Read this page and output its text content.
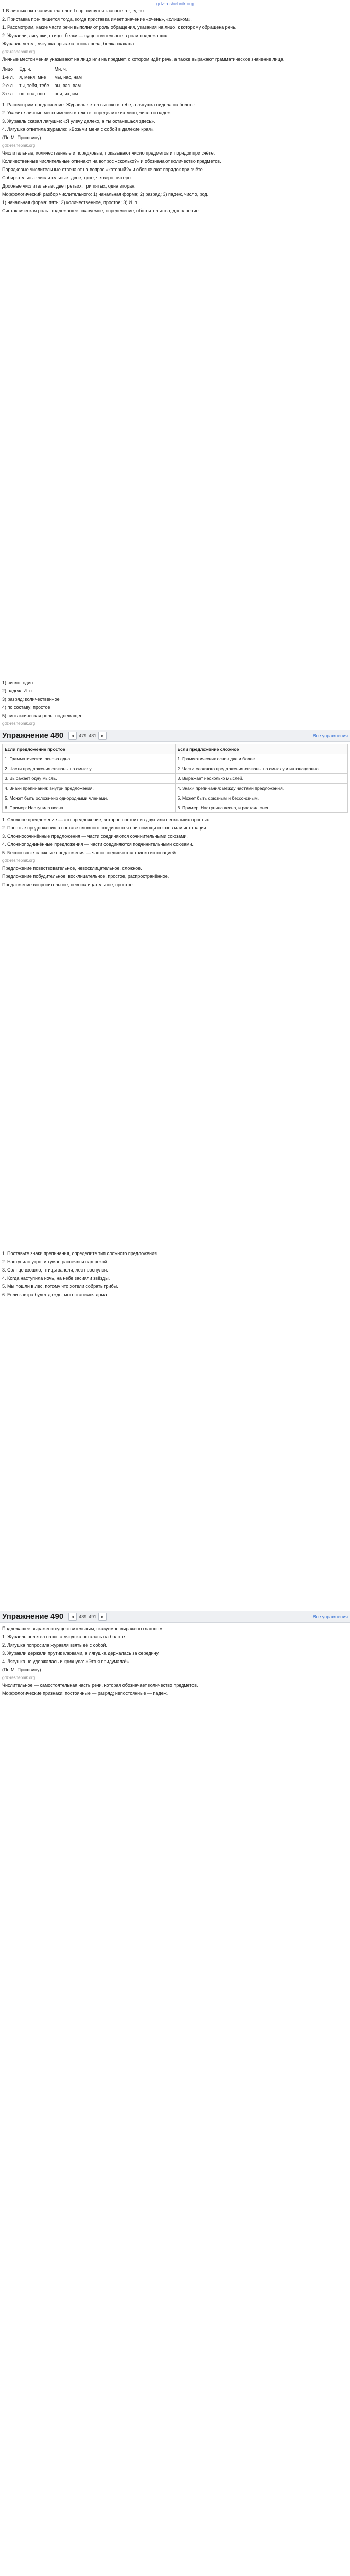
gdz-reshebnik.org

1.В личных окончаниях глаголов I спр. пишутся гласные -е-, -у, -ю.

2. Приставка пре- пишется тогда, когда приставка имеет значение «очень», «слишком».

1. Рассмотрим, какие части речи выполняют роль обращения, указания на лицо, к которому обращена речь.

2. Журавли, лягушки, птицы, белки — существительные в роли подлежащих.

Журавль летел, лягушка прыгала, птица пела, белка скакала.

gdz-reshebnik.org

Личные местоимения указывают на лицо или на предмет, о котором идёт речь, а также выражают грамматическое значение лица.

Лицо	Ед. ч.	Мн. ч.
1-е л.	я, меня, мне	мы, нас, нам
2-е л.	ты, тебя, тебе	вы, вас, вам
3-е л.	он, она, оно	они, их, им

1. Рассмотрим предложение: Журавль летел высоко в небе, а лягушка сидела на болоте.

2. Укажите личные местоимения в тексте, определите их лицо, число и падеж.

3. Журавль сказал лягушке: «Я улечу далеко, а ты останешься здесь».

4. Лягушка ответила журавлю: «Возьми меня с собой в далёкие края».

(По М. Пришвину)

gdz-reshebnik.org

Числительные, количественные и порядковые, показывают число предметов и порядок при счёте.

Количественные числительные отвечают на вопрос «сколько?» и обозначают количество предметов.

Порядковые числительные отвечают на вопрос «который?» и обозначают порядок при счёте.

Собирательные числительные: двое, трое, четверо, пятеро.

Дробные числительные: две третьих, три пятых, одна вторая.

Морфологический разбор числительного: 1) начальная форма; 2) разряд; 3) падеж, число, род.

1) начальная форма: пять; 2) количественное, простое; 3) И. п.

Синтаксическая роль: подлежащее, сказуемое, определение, обстоятельство, дополнение.

1) число: один

2) падеж: И. п.

3) разряд: количественное

4) по составу: простое

5) синтаксическая роль: подлежащее

gdz-reshebnik.org
Упражнение 480	◄ 479 481 ►	Все упражнения
Если предложение простое	Если предложение сложное
1. Грамматическая основа одна.	1. Грамматических основ две и более.
2. Части предложения связаны по смыслу.	2. Части сложного предложения связаны по смыслу и интонационно.
3. Выражает одну мысль.	3. Выражает несколько мыслей.
4. Знаки препинания: внутри предложения.	4. Знаки препинания: между частями предложения.
5. Может быть осложнено однородными членами.	5. Может быть союзным и бессоюзным.
6. Пример: Наступила весна.	6. Пример: Наступила весна, и растаял снег.

1. Сложное предложение — это предложение, которое состоит из двух или нескольких простых.

2. Простые предложения в составе сложного соединяются при помощи союзов или интонации.

3. Сложносочинённые предложения — части соединяются сочинительными союзами.

4. Сложноподчинённые предложения — части соединяются подчинительными союзами.

5. Бессоюзные сложные предложения — части соединяются только интонацией.

gdz-reshebnik.org

Предложение повествовательное, невосклицательное, сложное.

Предложение побудительное, восклицательное, простое, распространённое.

Предложение вопросительное, невосклицательное, простое.

1. Поставьте знаки препинания, определите тип сложного предложения.

2. Наступило утро, и туман рассеялся над рекой.

3. Солнце взошло, птицы запели, лес проснулся.

4. Когда наступила ночь, на небе засияли звёзды.

5. Мы пошли в лес, потому что хотели собрать грибы.

6. Если завтра будет дождь, мы останемся дома.

Упражнение 490	◄ 489 491 ►	Все упражнения

Подлежащее выражено существительным, сказуемое выражено глаголом.

1. Журавль полетел на юг, а лягушка осталась на болоте.

2. Лягушка попросила журавля взять её с собой.

3. Журавли держали прутик клювами, а лягушка держалась за середину.

4. Лягушка не удержалась и крикнула: «Это я придумала!»

(По М. Пришвину)

gdz-reshebnik.org

Числительное — самостоятельная часть речи, которая обозначает количество предметов.

Морфологические признаки: постоянные — разряд; непостоянные — падеж.
